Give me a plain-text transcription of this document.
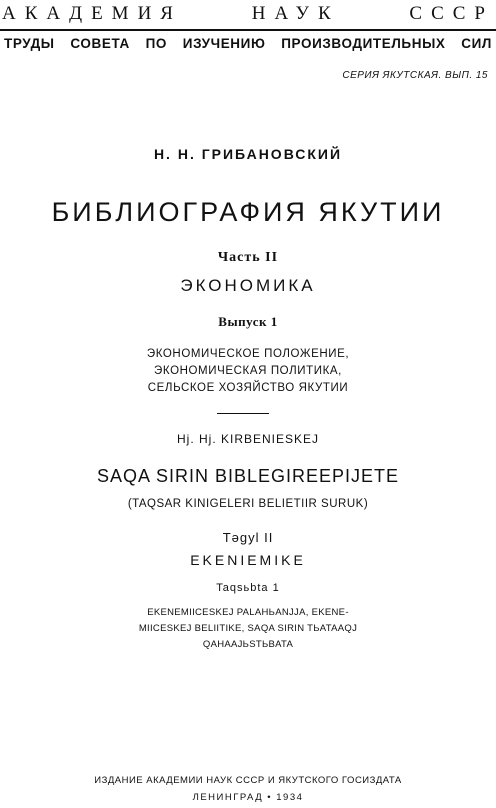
АКАДЕМИЯ НАУК СССР

ТРУДЫ СОВЕТА ПО ИЗУЧЕНИЮ ПРОИЗВОДИТЕЛЬНЫХ СИЛ

СЕРИЯ ЯКУТСКАЯ. ВЫП. 15

Н. Н. ГРИБАНОВСКИЙ

БИБЛИОГРАФИЯ ЯКУТИИ

Часть II

ЭКОНОМИКА

Выпуск 1

ЭКОНОМИЧЕСКОЕ ПОЛОЖЕНИЕ,
ЭКОНОМИЧЕСКАЯ ПОЛИТИКА,
СЕЛЬСКОЕ ХОЗЯЙСТВО ЯКУТИИ

Hj. Hj. KIRBENIESKEJ

SAQA SIRIN BIBLEGIREEPIJETE

(TAQSAR KINIGELERI BELIETIIR SURUK)

Təgyl II

EKENIEMIKE

Taqsьbta 1

EKENEMIICESKEJ PALAHЬANЈЈA, EKENE-
MIICESKEJ BELIITIKE, SAQA SIRIN TЬATAAQЈ
QAHAAJЬSTЬBATA
ИЗДАНИЕ АКАДЕМИИ НАУК СССР И ЯКУТСКОГО ГОСИЗДАТА
ЛЕНИНГРАД • 1934
